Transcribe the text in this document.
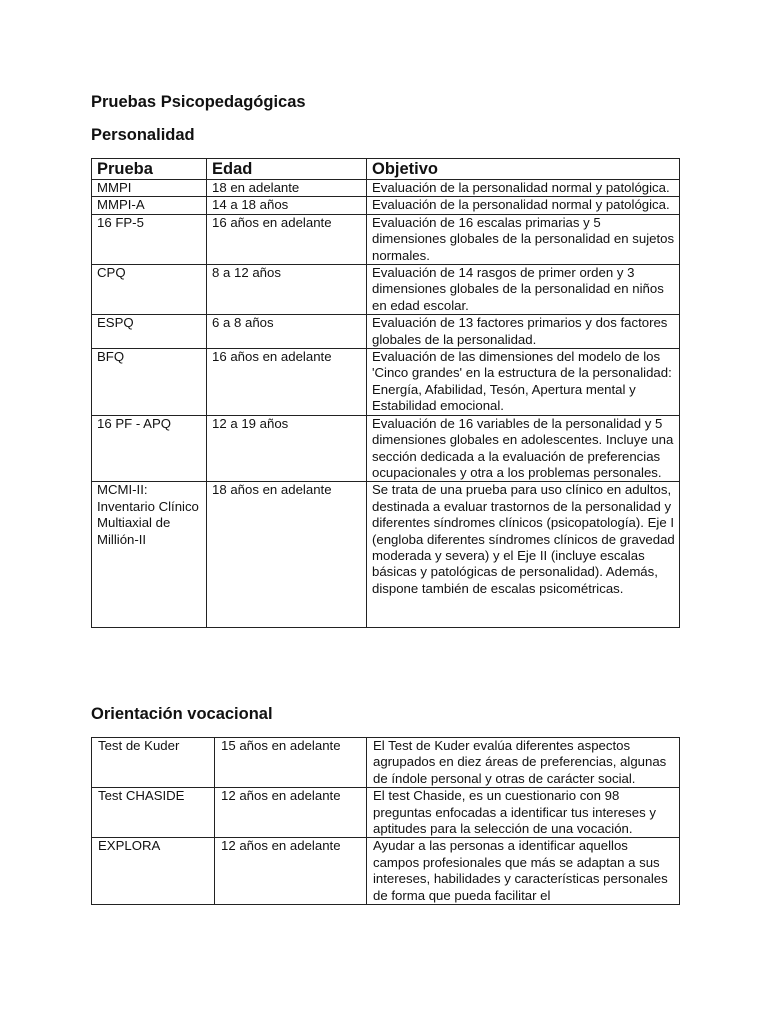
Pruebas Psicopedagógicas
Personalidad
Prueba	Edad	Objetivo
MMPI	18 en adelante	Evaluación de la personalidad normal y patológica.
MMPI-A	14 a 18 años	Evaluación de la personalidad normal y patológica.
16 FP-5	16 años en adelante	Evaluación de 16 escalas primarias y 5 dimensiones globales de la personalidad en sujetos normales.
CPQ	8 a 12 años	Evaluación de 14 rasgos de primer orden y 3 dimensiones globales de la personalidad en niños en edad escolar.
ESPQ	6 a 8 años	Evaluación de 13 factores primarios y dos factores globales de la personalidad.
BFQ	16 años en adelante	Evaluación de las dimensiones del modelo de los 'Cinco grandes' en la estructura de la personalidad: Energía, Afabilidad, Tesón, Apertura mental y Estabilidad emocional.
16 PF - APQ	12 a 19 años	Evaluación de 16 variables de la personalidad y 5 dimensiones globales en adolescentes. Incluye una sección dedicada a la evaluación de preferencias ocupacionales y otra a los problemas personales.
MCMI-II: Inventario Clínico Multiaxial de Millión-II	18 años en adelante	Se trata de una prueba para uso clínico en adultos, destinada a evaluar trastornos de la personalidad y diferentes síndromes clínicos (psicopatología). Eje I (engloba diferentes síndromes clínicos de gravedad moderada y severa) y el Eje II (incluye escalas básicas y patológicas de personalidad). Además, dispone también de escalas psicométricas.
Orientación vocacional
Test de Kuder	15 años en adelante	El Test de Kuder evalúa diferentes aspectos agrupados en diez áreas de preferencias, algunas de índole personal y otras de carácter social.
Test CHASIDE	12 años en adelante	El test Chaside, es un cuestionario con 98 preguntas enfocadas a identificar tus intereses y aptitudes para la selección de una vocación.
EXPLORA	12 años en adelante	Ayudar a las personas a identificar aquellos campos profesionales que más se adaptan a sus intereses, habilidades y características personales de forma que pueda facilitar el
